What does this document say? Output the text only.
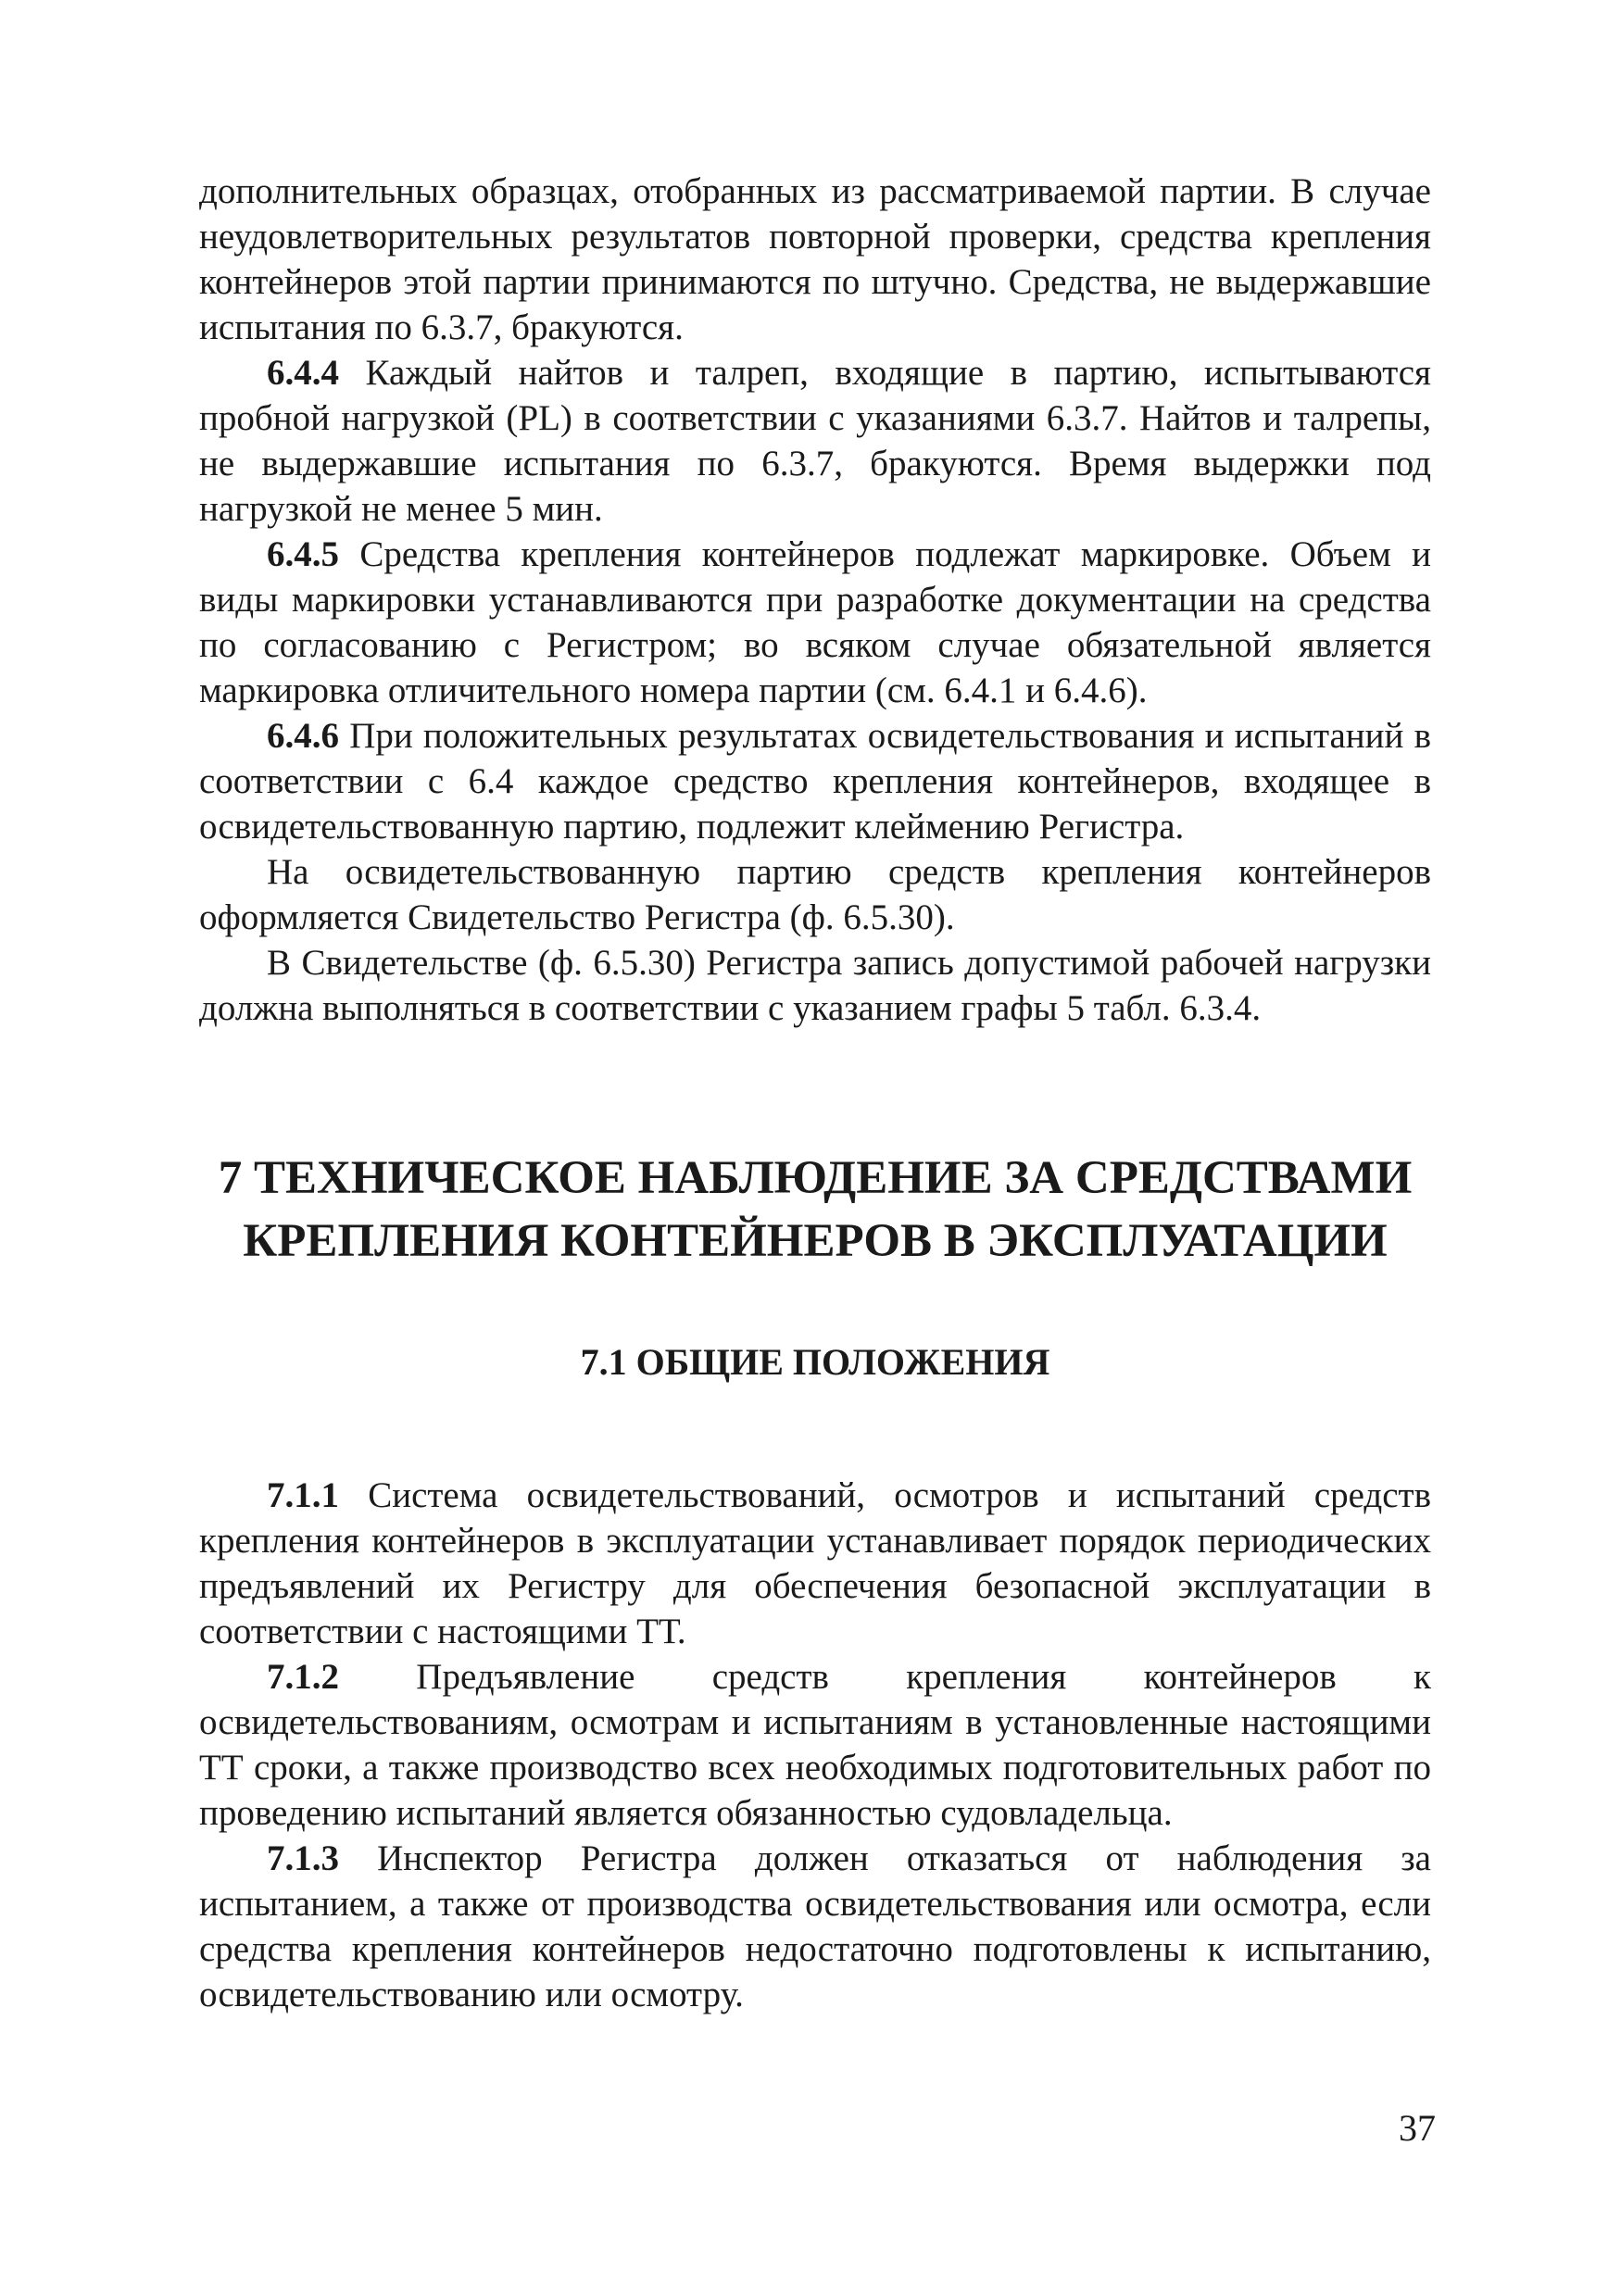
дополнительных образцах, отобранных из рассматриваемой партии. В случае неудовлетворительных результатов повторной проверки, средства крепления контейнеров этой партии принимаются по штучно. Средства, не выдержавшие испытания по 6.3.7, бракуются.

6.4.4 Каждый найтов и талреп, входящие в партию, испытываются пробной нагрузкой (PL) в соответствии с указаниями 6.3.7. Найтов и талрепы, не выдержавшие испытания по 6.3.7, бракуются. Время выдержки под нагрузкой не менее 5 мин.

6.4.5 Средства крепления контейнеров подлежат маркировке. Объем и виды маркировки устанавливаются при разработке документации на средства по согласованию с Регистром; во всяком случае обязательной является маркировка отличительного номера партии (см. 6.4.1 и 6.4.6).

6.4.6 При положительных результатах освидетельствования и испытаний в соответствии с 6.4 каждое средство крепления контейнеров, входящее в освидетельствованную партию, подлежит клеймению Регистра.

На освидетельствованную партию средств крепления контейнеров оформляется Свидетельство Регистра (ф. 6.5.30).

В Свидетельстве (ф. 6.5.30) Регистра запись допустимой рабочей нагрузки должна выполняться в соответствии с указанием графы 5 табл. 6.3.4.

7 ТЕХНИЧЕСКОЕ НАБЛЮДЕНИЕ ЗА СРЕДСТВАМИ
КРЕПЛЕНИЯ КОНТЕЙНЕРОВ В ЭКСПЛУАТАЦИИ
7.1 ОБЩИЕ ПОЛОЖЕНИЯ

7.1.1 Система освидетельствований, осмотров и испытаний средств крепления контейнеров в эксплуатации устанавливает порядок периодических предъявлений их Регистру для обеспечения безопасной эксплуатации в соответствии с настоящими ТТ.

7.1.2 Предъявление средств крепления контейнеров к освидетельствованиям, осмотрам и испытаниям в установленные настоящими ТТ сроки, а также производство всех необходимых подготовительных работ по проведению испытаний является обязанностью судовладельца.

7.1.3 Инспектор Регистра должен отказаться от наблюдения за испытанием, а также от производства освидетельствования или осмотра, если средства крепления контейнеров недостаточно подготовлены к испытанию, освидетельствованию или осмотру.

37
